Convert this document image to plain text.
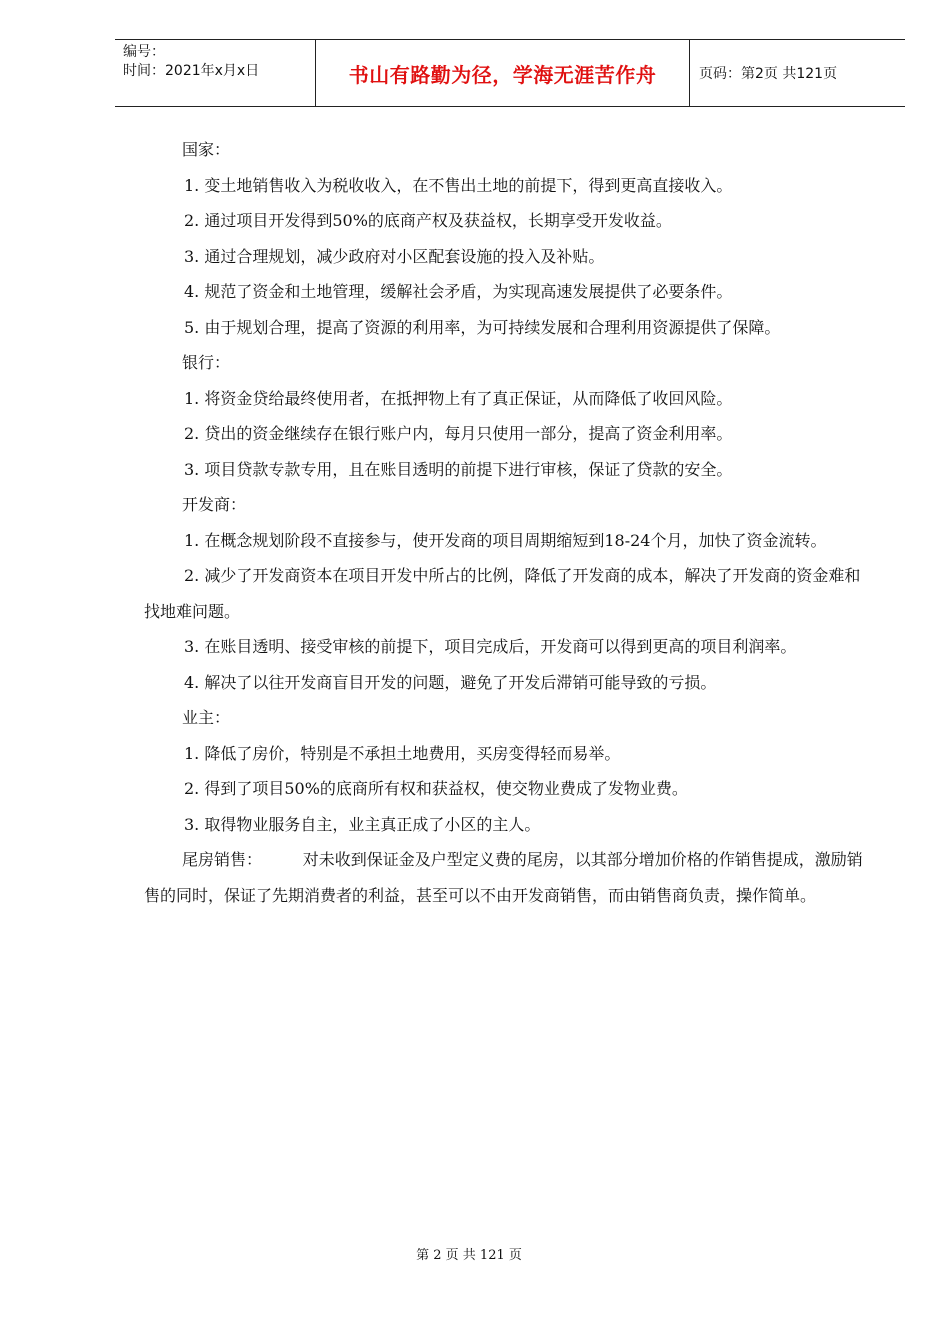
编号：
时间：2021年x月x日	书山有路勤为径，学海无涯苦作舟	页码：第2页 共121页

国家：

1. 变土地销售收入为税收收入，在不售出土地的前提下，得到更高直接收入。

2. 通过项目开发得到50%的底商产权及获益权，长期享受开发收益。

3. 通过合理规划，减少政府对小区配套设施的投入及补贴。

4. 规范了资金和土地管理，缓解社会矛盾，为实现高速发展提供了必要条件。

5. 由于规划合理，提高了资源的利用率，为可持续发展和合理利用资源提供了保障。

银行：

1. 将资金贷给最终使用者，在抵押物上有了真正保证，从而降低了收回风险。

2. 贷出的资金继续存在银行账户内，每月只使用一部分，提高了资金利用率。

3. 项目贷款专款专用，且在账目透明的前提下进行审核，保证了贷款的安全。

开发商：

1. 在概念规划阶段不直接参与，使开发商的项目周期缩短到18-24个月，加快了资金流转。

2. 减少了开发商资本在项目开发中所占的比例，降低了开发商的成本，解决了开发商的资金难和找地难问题。

3. 在账目透明、接受审核的前提下，项目完成后，开发商可以得到更高的项目利润率。

4. 解决了以往开发商盲目开发的问题，避免了开发后滞销可能导致的亏损。

业主：

1. 降低了房价，特别是不承担土地费用，买房变得轻而易举。

2. 得到了项目50%的底商所有权和获益权，使交物业费成了发物业费。

3. 取得物业服务自主，业主真正成了小区的主人。

尾房销售：        对未收到保证金及户型定义费的尾房，以其部分增加价格的作销售提成，激励销售的同时，保证了先期消费者的利益，甚至可以不由开发商销售，而由销售商负责，操作简单。

第 2 页 共 121 页
